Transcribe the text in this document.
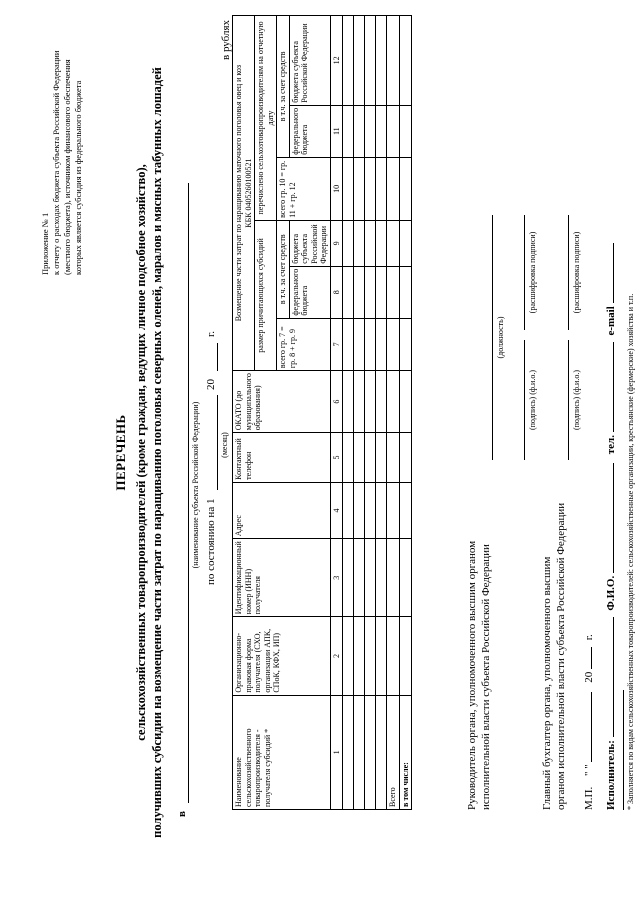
Приложение № 1 к отчету о расходах бюджета субъекта Российской Федерации (местного бюджета), источником финансового обеспечения которых является субсидия из федерального бюджета
ПЕРЕЧЕНЬ сельскохозяйственных товаропроизводителей (кроме граждан, ведущих личное подсобное хозяйство), получивших субсидии на возмещение части затрат по наращиванию поголовья северных оленей, маралов и мясных табунных лошадей в
(наименование субъекта Российской Федерации) по состоянию на 1
20
г.
(месяц)
в рублях
Наименование сельскохозяйственного товаропроизводителя - получателя субсидий *	Организационно-правовая форма получателя (СХО, организации АПК, СПоК, КФХ, ИП)	Идентификационный номер (ИНН) получателя	Адрес	Контактный телефон	ОКАТО (до муниципального образования)	Возмещение части затрат по наращиванию маточного поголовья овец и коз КБК 0405260100521					

						размер причитающихся субсидий			перечислено сельхозтоваропроизводителям на отчетную дату		
						всего гр. 7 = гр. 8 + гр. 9	в т.ч. за счет средств		всего гр. 10 = гр. 11 + гр. 12	в т.ч. за счет средств	
							федерального бюджета	бюджета субъекта Российской Федерации		федерального бюджета	бюджета субъекта Российской Федерации
1	2	3	4	5	6	7	8	9	10	11	12

Всего											
в том числе:												Руководитель органа, уполномоченного высшим органом исполнительной власти субъекта Российской Федерации
(должность)
(подпись) (ф.и.о.)
(расшифровка подписи)
Главный бухгалтер органа, уполномоченного высшим органом исполнительной власти субъекта Российской Федерации
(подпись) (ф.и.о.)
(расшифровка подписи)
М.П. " "  20  г.
Исполнитель:  Ф.И.О.  тел.  e-mail * Заполняется по видам сельскохозяйственных товаропроизводителей: сельскохозяйственные организации, крестьянские (фермерские) хозяйства и т.п.
